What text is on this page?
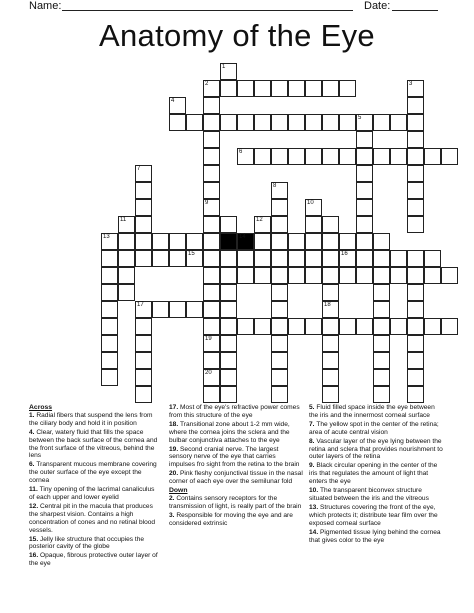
Name:	Date:
Anatomy of the Eye
5
6
7
8
9
15	16
17	18
19
20
14
1
2	3
4
10
11	12
13
Across
1. Radial fibers that suspend the lens from the ciliary body and hold it in position
4. Clear, watery fluid that fills the space between the back surface of the cornea and the front surface of the vitreous, behind the lens
6. Transparent mucous membrane covering the outer surface of the eye except the cornea
11. Tiny opening of the lacrimal canaliculus of each upper and lower eyelid
12. Central pit in the macula that produces the sharpest vision. Contains a high concentration of cones and no retinal blood vessels.
15. Jelly like structure that occupies the posterior cavity of the globe
16. Opaque, fibrous protective outer layer of the eye
17. Most of the eye's refractive power comes from this structure of the eye
18. Transitional zone about 1-2 mm wide, where the cornea joins the sclera and the bulbar conjunctiva attaches to the eye
19. Second cranial nerve. The largest sensory nerve of the eye that carries impulses fro sight from the retina to the brain
20. Pink fleshy conjunctival tissue in the nasal corner of each eye over the semilunar fold
Down
2. Contains sensory receptors for the transmission of light, is really part of the brain
3. Responsible for moving the eye and are considered extrinsic
5. Fluid filled space inside the eye between the iris and the innermost corneal surface
7. The yellow spot in the center of the retina; area of acute central vision
8. Vascular layer of the eye lying between the retina and sclera that provides nourishment to outer layers of the retina
9. Black circular opening in the center of the iris that regulates the amount of light that enters the eye
10. The transparent biconvex structure situated between the iris and the vitreous
13. Structures covering the front of the eye, which protects it; distribute tear film over the exposed corneal surface
14. Pigmented tissue lying behind the cornea that gives color to the eye
